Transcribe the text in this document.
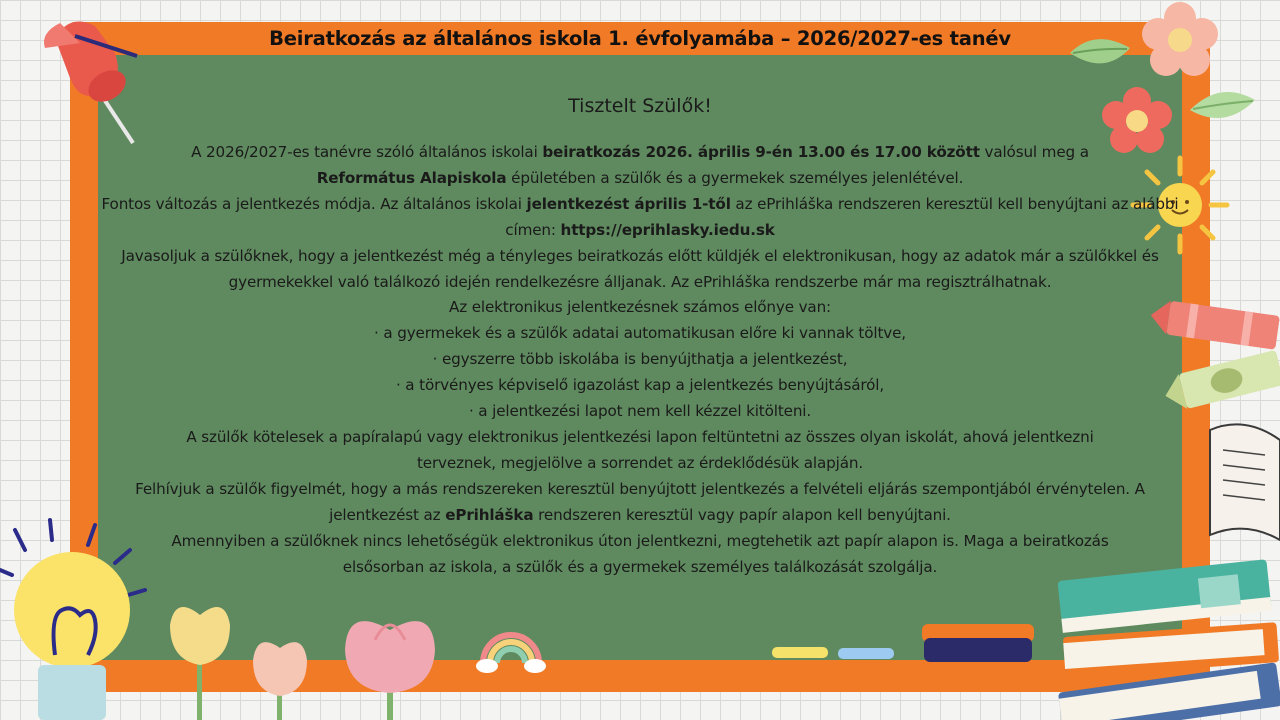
Beiratkozás az általános iskola 1. évfolyamába – 2026/2027-es tanév

Tisztelt Szülők!

A 2026/2027-es tanévre szóló általános iskolai beiratkozás 2026. április 9-én 13.00 és 17.00 között valósul meg a
Református Alapiskola épületében a szülők és a gyermekek személyes jelenlétével.

Fontos változás a jelentkezés módja. Az általános iskolai jelentkezést április 1-től az ePrihláška rendszeren keresztül kell benyújtani az alábbi címen: https://eprihlasky.iedu.sk

Javasoljuk a szülőknek, hogy a jelentkezést még a tényleges beiratkozás előtt küldjék el elektronikusan, hogy az adatok már a szülőkkel és gyermekekkel való találkozó idején rendelkezésre álljanak. Az ePrihláška rendszerbe már ma regisztrálhatnak.

Az elektronikus jelentkezésnek számos előnye van:

· a gyermekek és a szülők adatai automatikusan előre ki vannak töltve,

· egyszerre több iskolába is benyújthatja a jelentkezést,

· a törvényes képviselő igazolást kap a jelentkezés benyújtásáról,

· a jelentkezési lapot nem kell kézzel kitölteni.

A szülők kötelesek a papíralapú vagy elektronikus jelentkezési lapon feltüntetni az összes olyan iskolát, ahová jelentkezni terveznek, megjelölve a sorrendet az érdeklődésük alapján.

Felhívjuk a szülők figyelmét, hogy a más rendszereken keresztül benyújtott jelentkezés a felvételi eljárás szempontjából érvénytelen. A jelentkezést az ePrihláška rendszeren keresztül vagy papír alapon kell benyújtani.

Amennyiben a szülőknek nincs lehetőségük elektronikus úton jelentkezni, megtehetik azt papír alapon is. Maga a beiratkozás elsősorban az iskola, a szülők és a gyermekek személyes találkozását szolgálja.
